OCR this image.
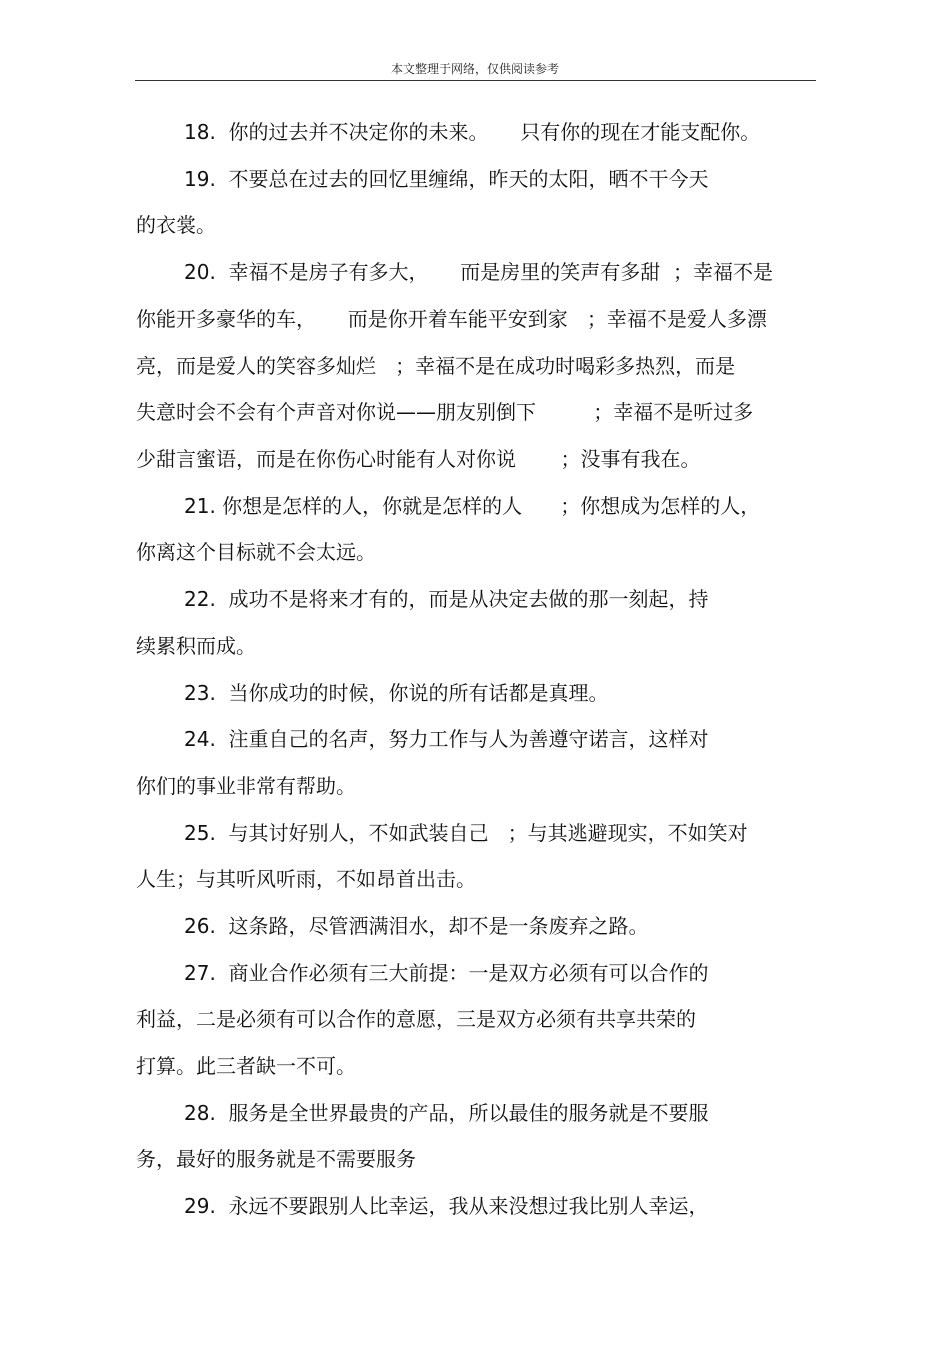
本文整理于网络，仅供阅读参考
18.  你的过去并不决定你的未来。     只有你的现在才能支配你。
19.  不要总在过去的回忆里缠绵，昨天的太阳，晒不干今天
的衣裳。
20.  幸福不是房子有多大，     而是房里的笑声有多甜  ；幸福不是
你能开多豪华的车，     而是你开着车能平安到家   ；幸福不是爱人多漂
亮，而是爱人的笑容多灿烂   ；幸福不是在成功时喝彩多热烈，而是
失意时会不会有个声音对你说——朋友别倒下         ；幸福不是听过多
少甜言蜜语，而是在你伤心时能有人对你说       ；没事有我在。
21. 你想是怎样的人，你就是怎样的人      ；你想成为怎样的人，
你离这个目标就不会太远。
22.  成功不是将来才有的，而是从决定去做的那一刻起，持
续累积而成。
23.  当你成功的时候，你说的所有话都是真理。
24.  注重自己的名声，努力工作与人为善遵守诺言，这样对
你们的事业非常有帮助。
25.  与其讨好别人，不如武装自己   ；与其逃避现实，不如笑对
人生；与其听风听雨，不如昂首出击。
26.  这条路，尽管洒满泪水，却不是一条废弃之路。
27.  商业合作必须有三大前提：一是双方必须有可以合作的
利益，二是必须有可以合作的意愿，三是双方必须有共享共荣的
打算。此三者缺一不可。
28.  服务是全世界最贵的产品，所以最佳的服务就是不要服
务，最好的服务就是不需要服务
29.  永远不要跟别人比幸运，我从来没想过我比别人幸运，
